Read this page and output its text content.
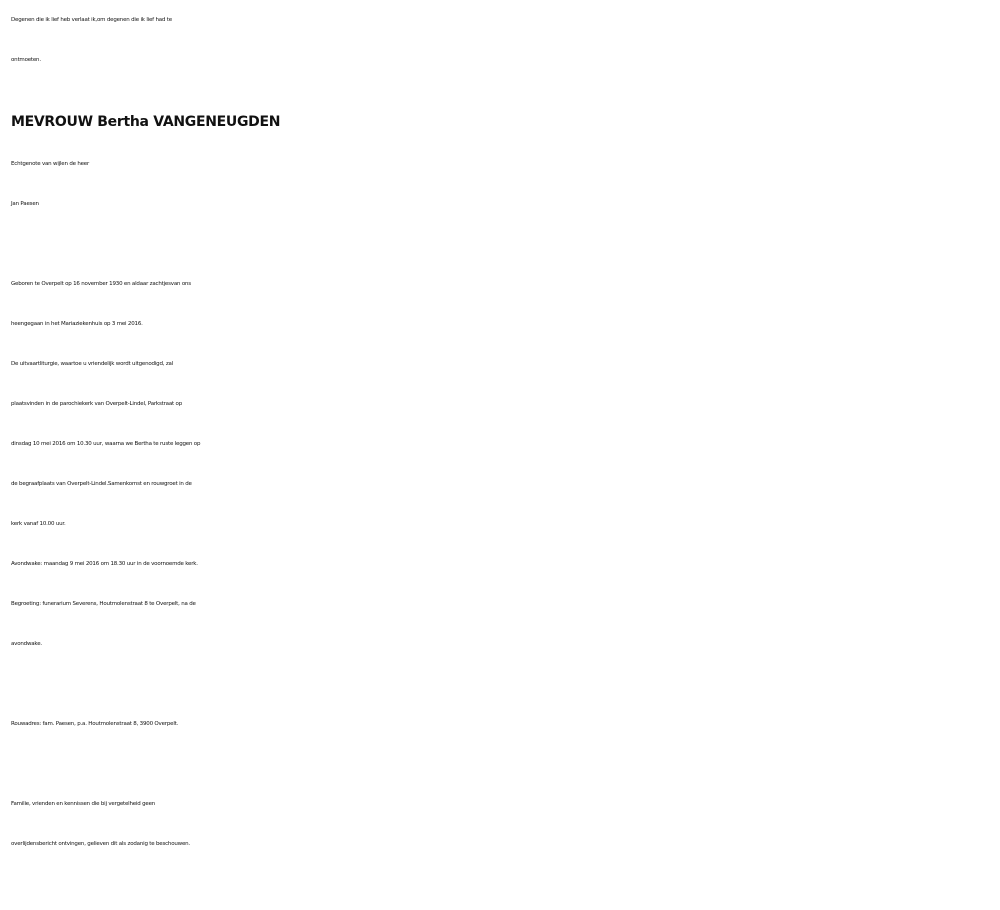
Degenen die ik lief heb verlaat ik,om degenen die ik lief had te
ontmoeten.
MEVROUW Bertha VANGENEUGDEN
Echtgenote van wijlen de heer
Jan Paesen
Geboren te Overpelt op 16 november 1930 en aldaar zachtjesvan ons
heengegaan in het Mariaziekenhuis op 3 mei 2016.
De uitvaartliturgie, waartoe u vriendelijk wordt uitgenodigd, zal
plaatsvinden in de parochiekerk van Overpelt-Lindel, Parkstraat op
dinsdag 10 mei 2016 om 10.30 uur, waarna we Bertha te ruste leggen op
de begraafplaats van Overpelt-Lindel.Samenkomst en rouwgroet in de
kerk vanaf 10.00 uur.
Avondwake: maandag 9 mei 2016 om 18.30 uur in de voornoemde kerk.
Begroeting: funerarium Severens, Houtmolenstraat 8 te Overpelt, na de
avondwake.
Rouwadres: fam. Paesen, p.a. Houtmolenstraat 8, 3900 Overpelt.
Familie, vrienden en kennissen die bij vergetelheid geen
overlijdensbericht ontvingen, gelieven dit als zodanig te beschouwen.
